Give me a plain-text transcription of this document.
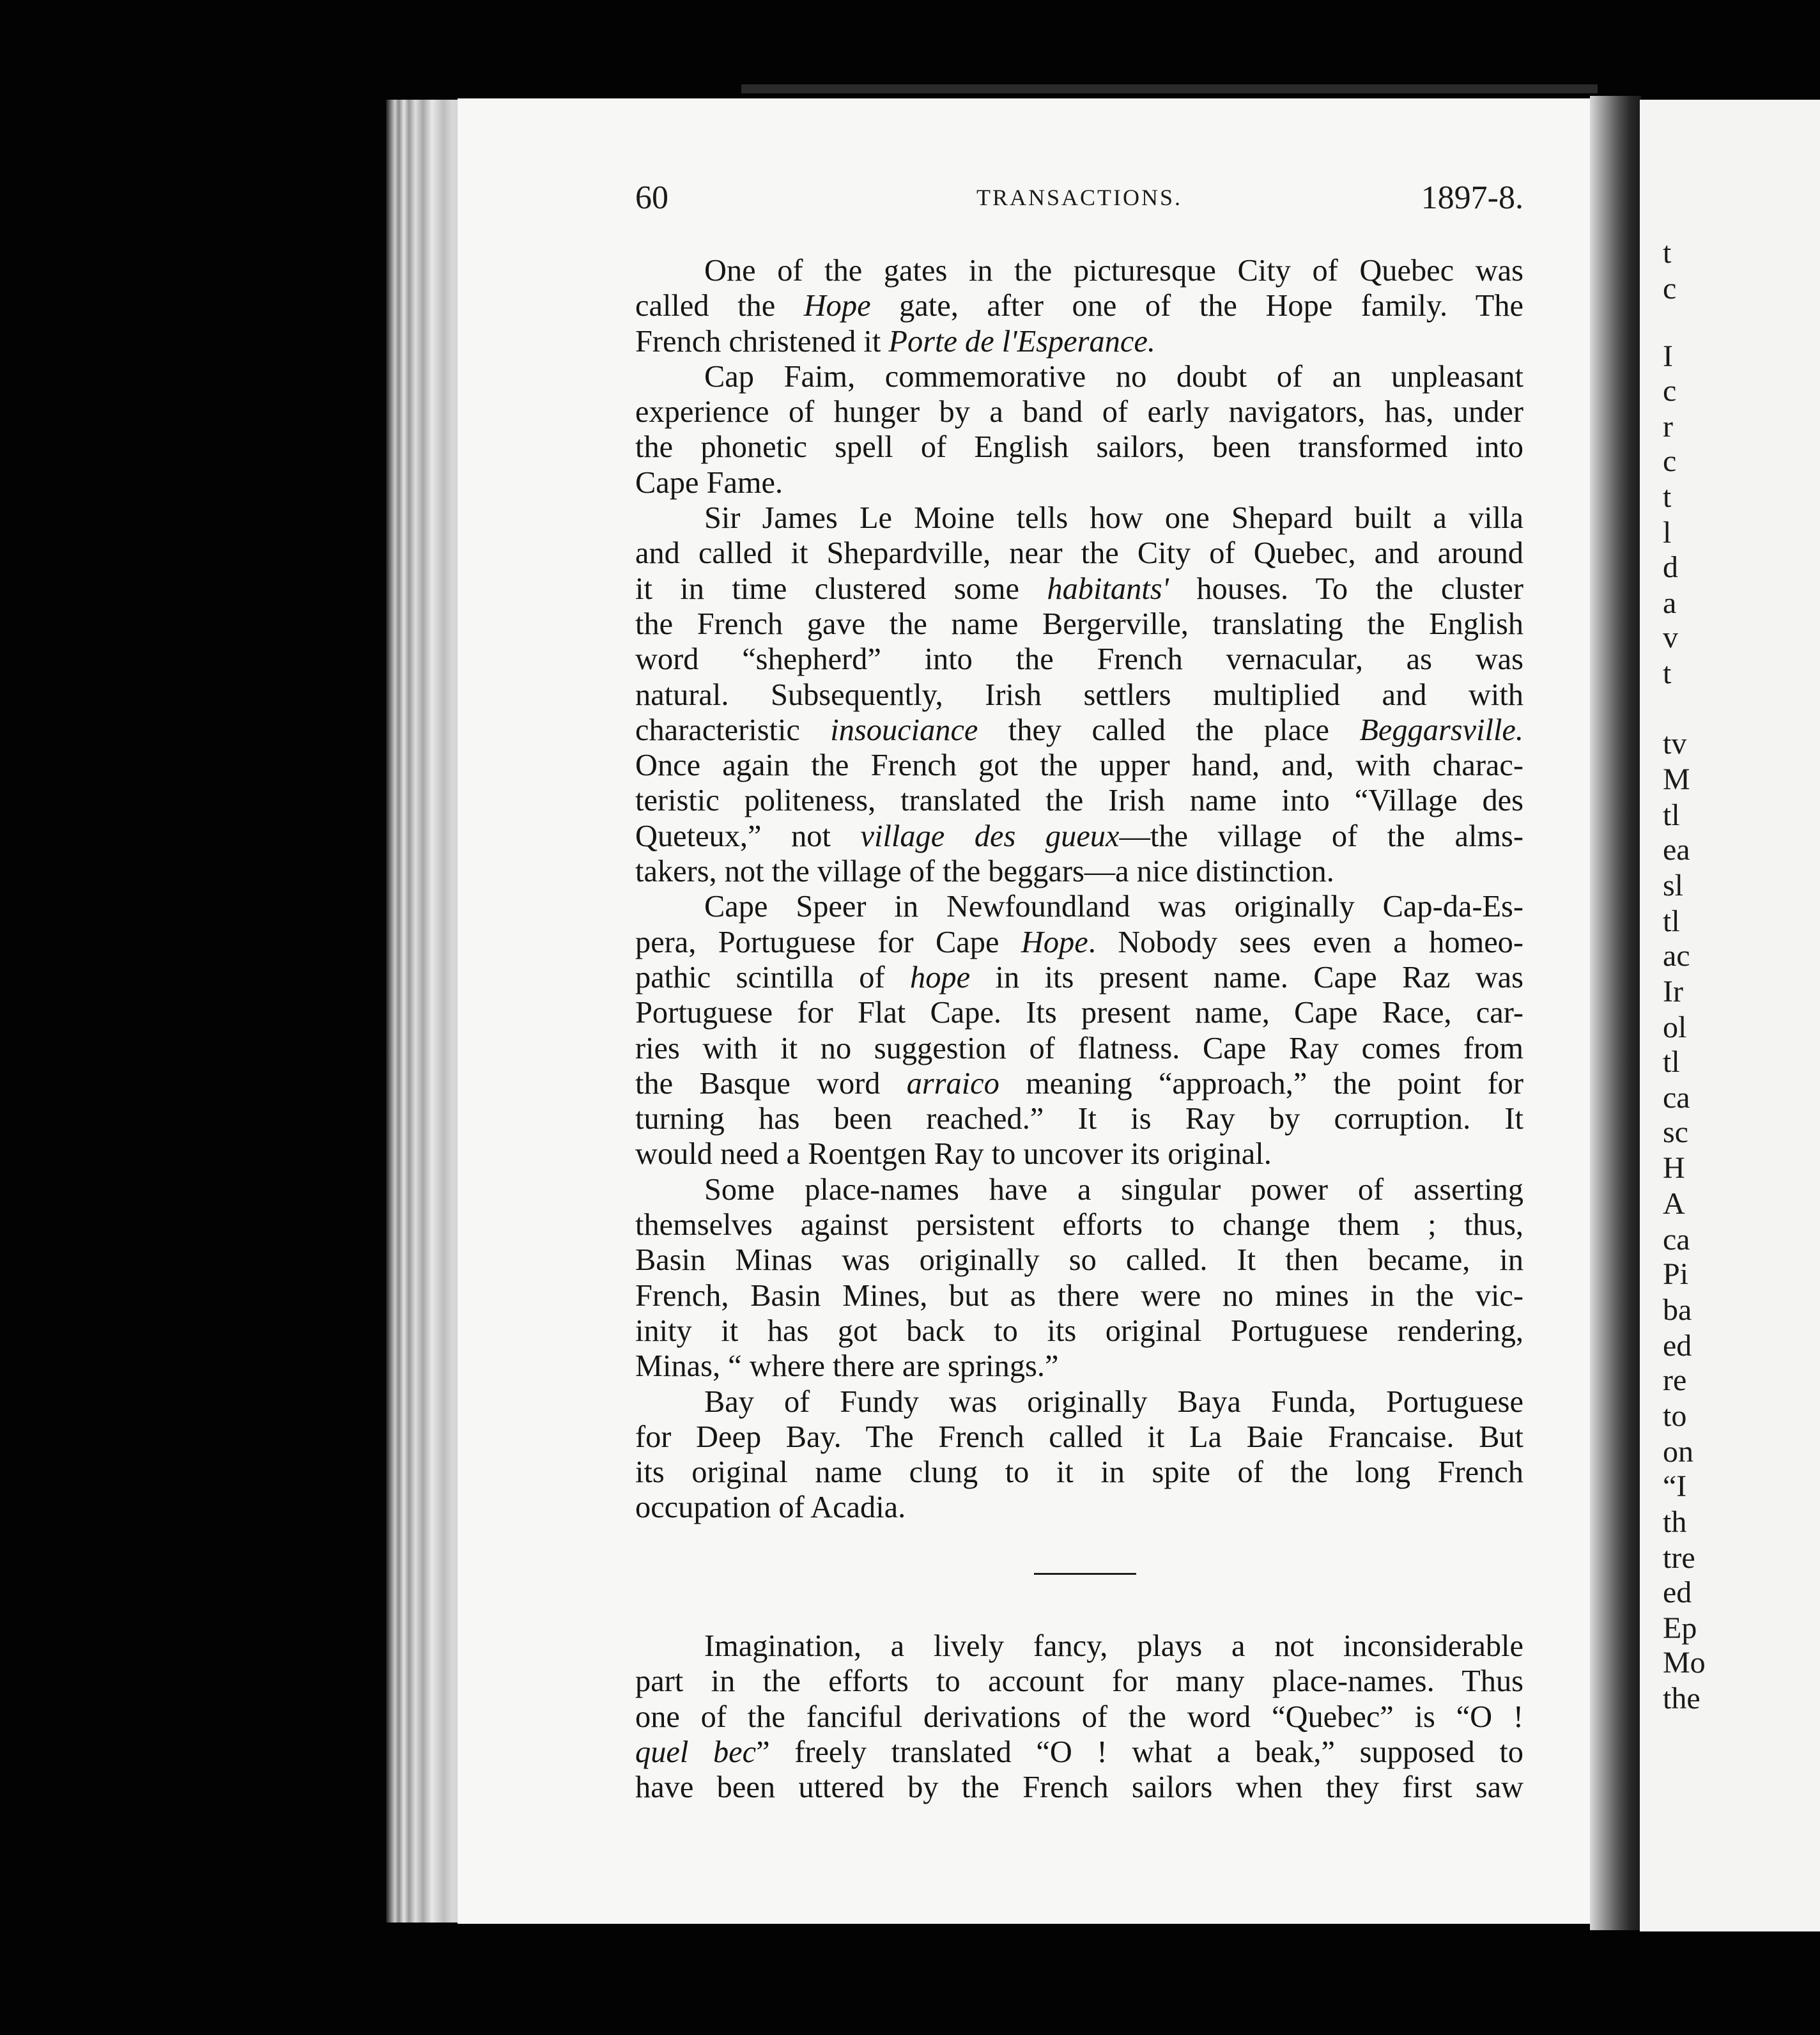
t
c
I
c
r
c
t
l
d
a
v
t
tv
M
tl
ea
sl
tl
ac
Ir
ol
tl
ca
sc
H
A
ca
Pi
ba
ed
re
to
on
“I
th
tre
ed
Ep
Mo
the
60	TRANSACTIONS.	1897-8.
One of the gates in the picturesque City of Quebec was
called the Hope gate, after one of the Hope family. The
French christened it Porte de l'Esperance.
Cap Faim, commemorative no doubt of an unpleasant
experience of hunger by a band of early navigators, has, under
the phonetic spell of English sailors, been transformed into
Cape Fame.
Sir James Le Moine tells how one Shepard built a villa
and called it Shepardville, near the City of Quebec, and around
it in time clustered some habitants' houses. To the cluster
the French gave the name Bergerville, translating the English
word “shepherd” into the French vernacular, as was
natural. Subsequently, Irish settlers multiplied and with
characteristic insouciance they called the place Beggarsville.
Once again the French got the upper hand, and, with charac-
teristic politeness, translated the Irish name into “Village des
Queteux,” not village des gueux—the village of the alms-
takers, not the village of the beggars—a nice distinction.
Cape Speer in Newfoundland was originally Cap-da-Es-
pera, Portuguese for Cape Hope. Nobody sees even a homeo-
pathic scintilla of hope in its present name. Cape Raz was
Portuguese for Flat Cape. Its present name, Cape Race, car-
ries with it no suggestion of flatness. Cape Ray comes from
the Basque word arraico meaning “approach,” the point for
turning has been reached.” It is Ray by corruption. It
would need a Roentgen Ray to uncover its original.
Some place-names have a singular power of asserting
themselves against persistent efforts to change them ; thus,
Basin Minas was originally so called. It then became, in
French, Basin Mines, but as there were no mines in the vic-
inity it has got back to its original Portuguese rendering,
Minas, “ where there are springs.”
Bay of Fundy was originally Baya Funda, Portuguese
for Deep Bay. The French called it La Baie Francaise. But
its original name clung to it in spite of the long French
occupation of Acadia.
Imagination, a lively fancy, plays a not inconsiderable
part in the efforts to account for many place-names. Thus
one of the fanciful derivations of the word “Quebec” is “O !
quel bec” freely translated “O ! what a beak,” supposed to
have been uttered by the French sailors when they first saw
